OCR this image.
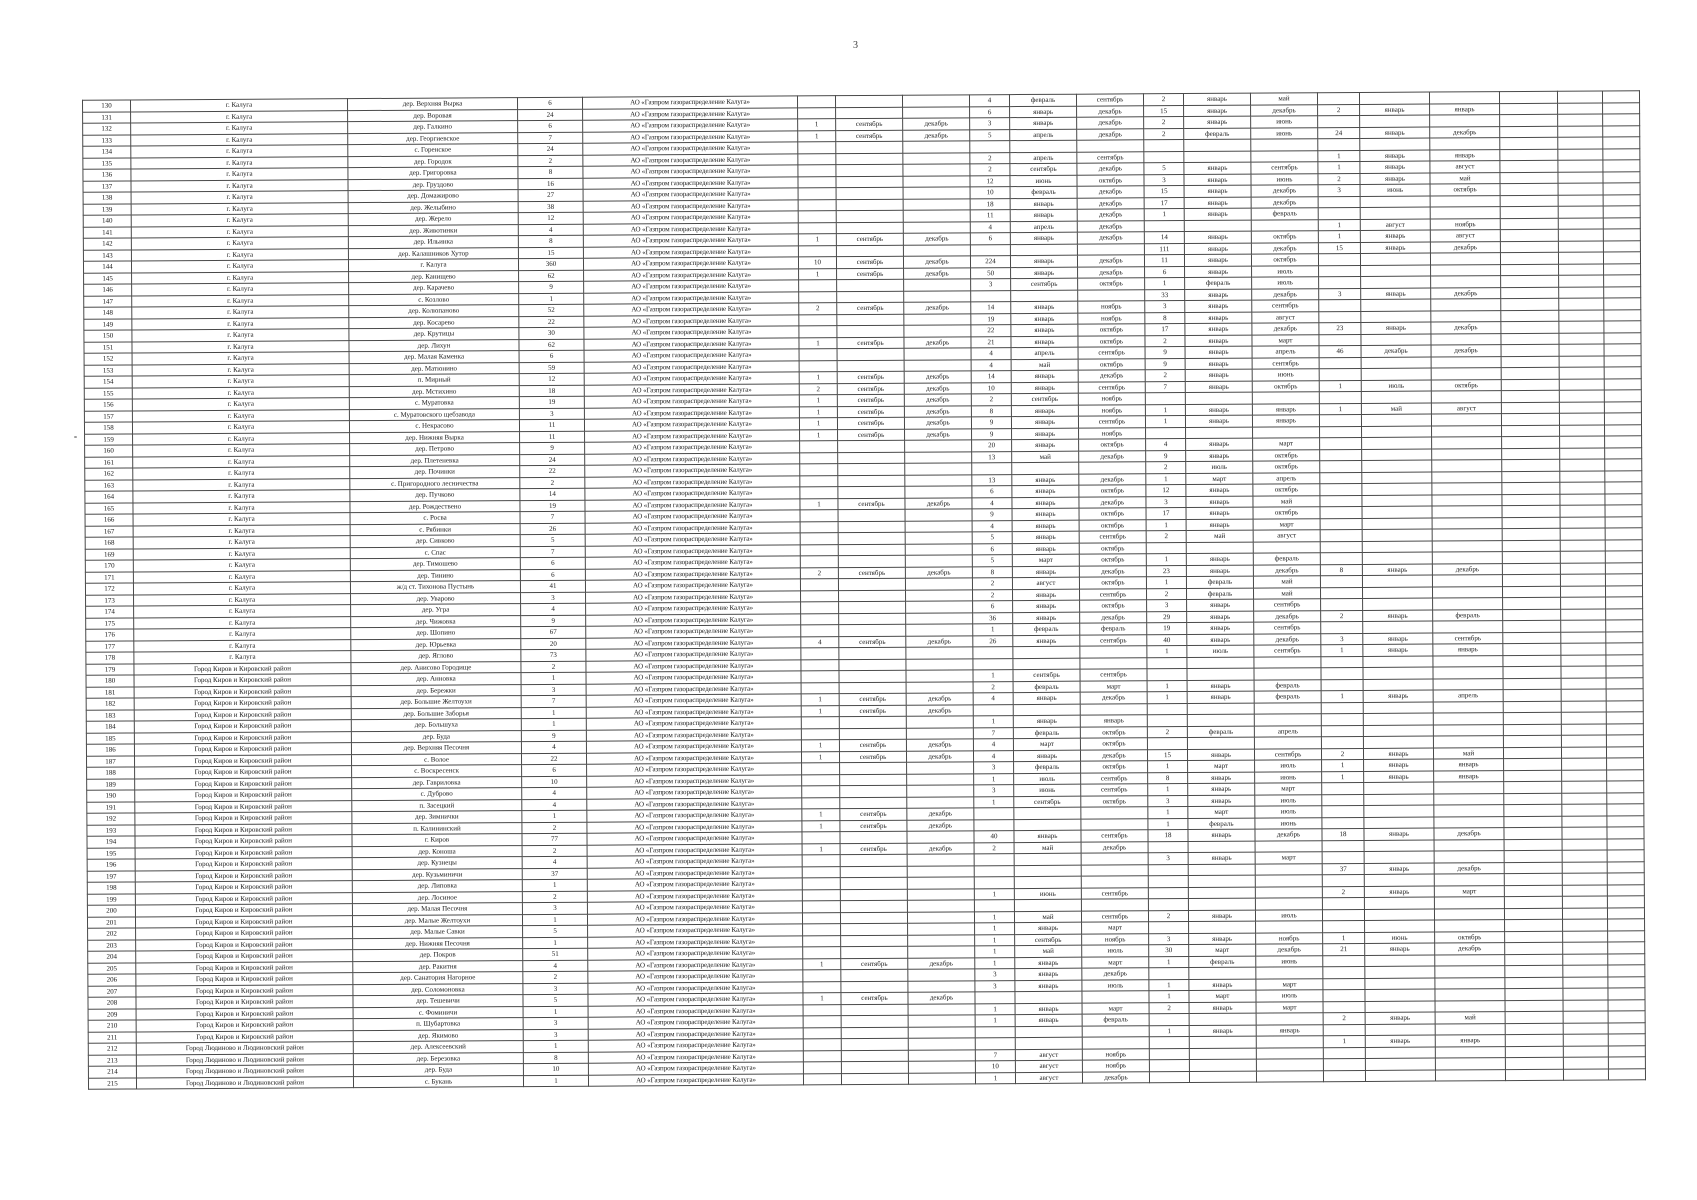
3
130	г. Калуга	дер. Верхняя Вырка	6	АО «Газпром газораспределение Калуга»				4	февраль	сентябрь	2	январь	май						
131	г. Калуга	дер. Воровая	24	АО «Газпром газораспределение Калуга»				6	январь	декабрь	15	январь	декабрь	2	январь	январь			
132	г. Калуга	дер. Галкино	6	АО «Газпром газораспределение Калуга»	1	сентябрь	декабрь	3	январь	декабрь	2	январь	июнь						
133	г. Калуга	дер. Георгиевское	7	АО «Газпром газораспределение Калуга»	1	сентябрь	декабрь	5	апрель	декабрь	2	февраль	июнь	24	январь	декабрь			
134	г. Калуга	с. Горенское	24	АО «Газпром газораспределение Калуга»															
135	г. Калуга	дер. Городок	2	АО «Газпром газораспределение Калуга»				2	апрель	сентябрь				1	январь	январь			
136	г. Калуга	дер. Григоровка	8	АО «Газпром газораспределение Калуга»				2	сентябрь	декабрь	5	январь	сентябрь	1	январь	август			
137	г. Калуга	дер. Груздово	16	АО «Газпром газораспределение Калуга»				12	июнь	октябрь	3	январь	июнь	2	январь	май			
138	г. Калуга	дер. Домажирово	27	АО «Газпром газораспределение Калуга»				10	февраль	декабрь	15	январь	декабрь	3	июнь	октябрь			
139	г. Калуга	дер. Желыбино	38	АО «Газпром газораспределение Калуга»				18	январь	декабрь	17	январь	декабрь						
140	г. Калуга	дер. Жерело	12	АО «Газпром газораспределение Калуга»				11	январь	декабрь	1	январь	февраль						
141	г. Калуга	дер. Животинки	4	АО «Газпром газораспределение Калуга»				4	апрель	декабрь				1	август	ноябрь			
142	г. Калуга	дер. Ильинка	8	АО «Газпром газораспределение Калуга»	1	сентябрь	декабрь	6	январь	декабрь	14	январь	октябрь	1	январь	август			
143	г. Калуга	дер. Калашников Хутор	15	АО «Газпром газораспределение Калуга»							111	январь	декабрь	15	январь	декабрь			
144	г. Калуга	г. Калуга	360	АО «Газпром газораспределение Калуга»	10	сентябрь	декабрь	224	январь	декабрь	11	январь	октябрь						
145	г. Калуга	дер. Канищево	62	АО «Газпром газораспределение Калуга»	1	сентябрь	декабрь	50	январь	декабрь	6	январь	июль						
146	г. Калуга	дер. Карачево	9	АО «Газпром газораспределение Калуга»				3	сентябрь	октябрь	1	февраль	июль						
147	г. Калуга	с. Козлово	1	АО «Газпром газораспределение Калуга»							33	январь	декабрь	3	январь	декабрь			
148	г. Калуга	дер. Колюпаново	52	АО «Газпром газораспределение Калуга»	2	сентябрь	декабрь	14	январь	ноябрь	3	январь	сентябрь						
149	г. Калуга	дер. Косарево	22	АО «Газпром газораспределение Калуга»				19	январь	ноябрь	8	январь	август						
150	г. Калуга	дер. Крутицы	30	АО «Газпром газораспределение Калуга»				22	январь	октябрь	17	январь	декабрь	23	январь	декабрь			
151	г. Калуга	дер. Лихун	62	АО «Газпром газораспределение Калуга»	1	сентябрь	декабрь	21	январь	октябрь	2	январь	март						
152	г. Калуга	дер. Малая Каменка	6	АО «Газпром газораспределение Калуга»				4	апрель	сентябрь	9	январь	апрель	46	декабрь	декабрь			
153	г. Калуга	дер. Матюнино	59	АО «Газпром газораспределение Калуга»				4	май	октябрь	9	январь	сентябрь						
154	г. Калуга	п. Мирный	12	АО «Газпром газораспределение Калуга»	1	сентябрь	декабрь	14	январь	декабрь	2	январь	июнь						
155	г. Калуга	дер. Мстихино	18	АО «Газпром газораспределение Калуга»	2	сентябрь	декабрь	10	январь	сентябрь	7	январь	октябрь	1	июль	октябрь			
156	г. Калуга	с. Муратовка	19	АО «Газпром газораспределение Калуга»	1	сентябрь	декабрь	2	сентябрь	ноябрь									
157	г. Калуга	с. Муратовского щебзавода	3	АО «Газпром газораспределение Калуга»	1	сентябрь	декабрь	8	январь	ноябрь	1	январь	январь	1	май	август			
158	г. Калуга	с. Некрасово	11	АО «Газпром газораспределение Калуга»	1	сентябрь	декабрь	9	январь	сентябрь	1	январь	январь						
159	г. Калуга	дер. Нижняя Вырка	11	АО «Газпром газораспределение Калуга»	1	сентябрь	декабрь	9	январь	ноябрь									
160	г. Калуга	дер. Петрово	9	АО «Газпром газораспределение Калуга»				20	январь	октябрь	4	январь	март						
161	г. Калуга	дер. Плетеневка	24	АО «Газпром газораспределение Калуга»				13	май	декабрь	9	январь	октябрь						
162	г. Калуга	дер. Починки	22	АО «Газпром газораспределение Калуга»							2	июль	октябрь						
163	г. Калуга	с. Пригородного лесничества	2	АО «Газпром газораспределение Калуга»				13	январь	декабрь	1	март	апрель						
164	г. Калуга	дер. Пучково	14	АО «Газпром газораспределение Калуга»				6	январь	октябрь	12	январь	октябрь						
165	г. Калуга	дер. Рождествено	19	АО «Газпром газораспределение Калуга»	1	сентябрь	декабрь	4	январь	декабрь	3	январь	май						
166	г. Калуга	с. Росва	7	АО «Газпром газораспределение Калуга»				9	январь	октябрь	17	январь	октябрь						
167	г. Калуга	с. Рябинки	26	АО «Газпром газораспределение Калуга»				4	январь	октябрь	1	январь	март						
168	г. Калуга	дер. Сивково	5	АО «Газпром газораспределение Калуга»				5	январь	сентябрь	2	май	август						
169	г. Калуга	с. Спас	7	АО «Газпром газораспределение Калуга»				6	январь	октябрь									
170	г. Калуга	дер. Тимошево	6	АО «Газпром газораспределение Калуга»				5	март	октябрь	1	январь	февраль						
171	г. Калуга	дер. Тинино	6	АО «Газпром газораспределение Калуга»	2	сентябрь	декабрь	8	январь	декабрь	23	январь	декабрь	8	январь	декабрь			
172	г. Калуга	ж/д ст. Тихонова Пустынь	41	АО «Газпром газораспределение Калуга»				2	август	октябрь	1	февраль	май						
173	г. Калуга	дер. Уварово	3	АО «Газпром газораспределение Калуга»				2	январь	сентябрь	2	февраль	май						
174	г. Калуга	дер. Угра	4	АО «Газпром газораспределение Калуга»				6	январь	октябрь	3	январь	сентябрь						
175	г. Калуга	дер. Чижовка	9	АО «Газпром газораспределение Калуга»				36	январь	декабрь	29	январь	декабрь	2	январь	февраль			
176	г. Калуга	дер. Шопино	67	АО «Газпром газораспределение Калуга»				1	февраль	февраль	19	январь	сентябрь						
177	г. Калуга	дер. Юрьевка	20	АО «Газпром газораспределение Калуга»	4	сентябрь	декабрь	26	январь	сентябрь	40	январь	декабрь	3	январь	сентябрь			
178	г. Калуга	дер. Яглово	73	АО «Газпром газораспределение Калуга»							1	июль	сентябрь	1	январь	январь			
179	Город Киров и Кировский район	дер. Анисово Городище	2	АО «Газпром газораспределение Калуга»															
180	Город Киров и Кировский район	дер. Анновка	1	АО «Газпром газораспределение Калуга»				1	сентябрь	сентябрь									
181	Город Киров и Кировский район	дер. Бережки	3	АО «Газпром газораспределение Калуга»				2	февраль	март	1	январь	февраль						
182	Город Киров и Кировский район	дер. Большие Желтоухи	7	АО «Газпром газораспределение Калуга»	1	сентябрь	декабрь	4	январь	декабрь	1	январь	февраль	1	январь	апрель			
183	Город Киров и Кировский район	дер. Большие Заборья	1	АО «Газпром газораспределение Калуга»	1	сентябрь	декабрь												
184	Город Киров и Кировский район	дер. Большуха	1	АО «Газпром газораспределение Калуга»				1	январь	январь									
185	Город Киров и Кировский район	дер. Буда	9	АО «Газпром газораспределение Калуга»				7	февраль	октябрь	2	февраль	апрель						
186	Город Киров и Кировский район	дер. Верхняя Песочня	4	АО «Газпром газораспределение Калуга»	1	сентябрь	декабрь	4	март	октябрь									
187	Город Киров и Кировский район	с. Волое	22	АО «Газпром газораспределение Калуга»	1	сентябрь	декабрь	4	январь	декабрь	15	январь	сентябрь	2	январь	май			
188	Город Киров и Кировский район	с. Воскресенск	6	АО «Газпром газораспределение Калуга»				3	февраль	октябрь	1	март	июль	1	январь	январь			
189	Город Киров и Кировский район	дер. Гавриловка	10	АО «Газпром газораспределение Калуга»				1	июль	сентябрь	8	январь	июнь	1	январь	январь			
190	Город Киров и Кировский район	с. Дуброво	4	АО «Газпром газораспределение Калуга»				3	июнь	сентябрь	1	январь	март						
191	Город Киров и Кировский район	п. Засецкий	4	АО «Газпром газораспределение Калуга»				1	сентябрь	октябрь	3	январь	июль						
192	Город Киров и Кировский район	дер. Зимнички	1	АО «Газпром газораспределение Калуга»	1	сентябрь	декабрь				1	март	июль						
193	Город Киров и Кировский район	п. Калининский	2	АО «Газпром газораспределение Калуга»	1	сентябрь	декабрь				1	февраль	июнь						
194	Город Киров и Кировский район	г. Киров	77	АО «Газпром газораспределение Калуга»				40	январь	сентябрь	18	январь	декабрь	18	январь	декабрь			
195	Город Киров и Кировский район	дер. Коноша	2	АО «Газпром газораспределение Калуга»	1	сентябрь	декабрь	2	май	декабрь									
196	Город Киров и Кировский район	дер. Кузнецы	4	АО «Газпром газораспределение Калуга»							3	январь	март						
197	Город Киров и Кировский район	дер. Кузьминичи	37	АО «Газпром газораспределение Калуга»										37	январь	декабрь			
198	Город Киров и Кировский район	дер. Липовка	1	АО «Газпром газораспределение Калуга»															
199	Город Киров и Кировский район	дер. Лосиное	2	АО «Газпром газораспределение Калуга»				1	июнь	сентябрь				2	январь	март			
200	Город Киров и Кировский район	дер. Малая Песочня	3	АО «Газпром газораспределение Калуга»															
201	Город Киров и Кировский район	дер. Малые Желтоухи	1	АО «Газпром газораспределение Калуга»				1	май	сентябрь	2	январь	июль						
202	Город Киров и Кировский район	дер. Малые Савки	5	АО «Газпром газораспределение Калуга»				1	январь	март									
203	Город Киров и Кировский район	дер. Нижняя Песочня	1	АО «Газпром газораспределение Калуга»				1	сентябрь	ноябрь	3	январь	ноябрь	1	июнь	октябрь			
204	Город Киров и Кировский район	дер. Покров	51	АО «Газпром газораспределение Калуга»				1	май	июль	30	март	декабрь	21	январь	декабрь			
205	Город Киров и Кировский район	дер. Ракитня	4	АО «Газпром газораспределение Калуга»	1	сентябрь	декабрь	1	январь	март	1	февраль	июнь						
206	Город Киров и Кировский район	дер. Санатория Нагорное	2	АО «Газпром газораспределение Калуга»				3	январь	декабрь									
207	Город Киров и Кировский район	дер. Соломоновка	3	АО «Газпром газораспределение Калуга»				3	январь	июль	1	январь	март						
208	Город Киров и Кировский район	дер. Тешевичи	5	АО «Газпром газораспределение Калуга»	1	сентябрь	декабрь				1	март	июль						
209	Город Киров и Кировский район	с. Фоминичи	1	АО «Газпром газораспределение Калуга»				1	январь	март	2	январь	март						
210	Город Киров и Кировский район	п. Шубартовка	3	АО «Газпром газораспределение Калуга»				1	январь	февраль				2	январь	май			
211	Город Киров и Кировский район	дер. Якимово	3	АО «Газпром газораспределение Калуга»							1	январь	январь						
212	Город Людиново и Людиновский район	дер. Алексеевский	1	АО «Газпром газораспределение Калуга»										1	январь	январь			
213	Город Людиново и Людиновский район	дер. Березовка	8	АО «Газпром газораспределение Калуга»				7	август	ноябрь									
214	Город Людиново и Людиновский район	дер. Буда	10	АО «Газпром газораспределение Калуга»				10	август	ноябрь									
215	Город Людиново и Людиновский район	с. Букань	1	АО «Газпром газораспределение Калуга»				1	август	декабрь									
